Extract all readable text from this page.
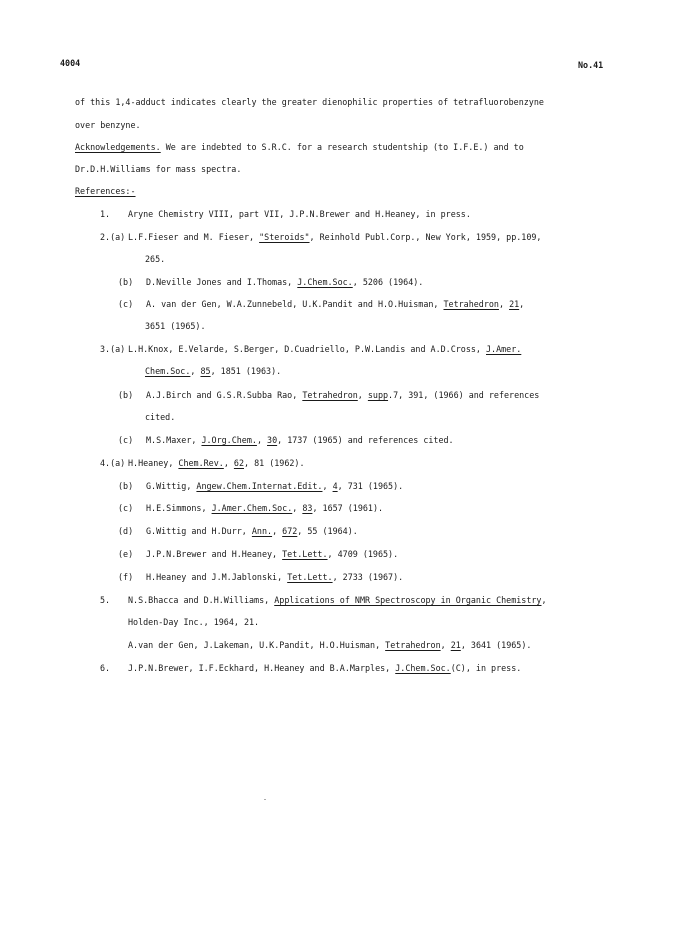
4004	No.41
of this 1,4-adduct indicates clearly the greater dienophilic properties of tetrafluorobenzyne
over benzyne.
Acknowledgements. We are indebted to S.R.C. for a research studentship (to I.F.E.) and to
Dr.D.H.Williams for mass spectra.
References:-
1. Aryne Chemistry VIII, part VII, J.P.N.Brewer and H.Heaney, in press.
2.(a) L.F.Fieser and M. Fieser, "Steroids", Reinhold Publ.Corp., New York, 1959, pp.109,
265.
(b) D.Neville Jones and I.Thomas, J.Chem.Soc., 5206 (1964).
(c) A. van der Gen, W.A.Zunnebeld, U.K.Pandit and H.O.Huisman, Tetrahedron, 21,
3651 (1965).
3.(a) L.H.Knox, E.Velarde, S.Berger, D.Cuadriello, P.W.Landis and A.D.Cross, J.Amer.
Chem.Soc., 85, 1851 (1963).
(b) A.J.Birch and G.S.R.Subba Rao, Tetrahedron, supp.7, 391, (1966) and references
cited.
(c) M.S.Maxer, J.Org.Chem., 30, 1737 (1965) and references cited.
4.(a) H.Heaney, Chem.Rev., 62, 81 (1962).
(b) G.Wittig, Angew.Chem.Internat.Edit., 4, 731 (1965).
(c) H.E.Simmons, J.Amer.Chem.Soc., 83, 1657 (1961).
(d) G.Wittig and H.Durr, Ann., 672, 55 (1964).
(e) J.P.N.Brewer and H.Heaney, Tet.Lett., 4709 (1965).
(f) H.Heaney and J.M.Jablonski, Tet.Lett., 2733 (1967).
5. N.S.Bhacca and D.H.Williams, Applications of NMR Spectroscopy in Organic Chemistry,
Holden-Day Inc., 1964, 21.
A.van der Gen, J.Lakeman, U.K.Pandit, H.O.Huisman, Tetrahedron, 21, 3641 (1965).
6. J.P.N.Brewer, I.F.Eckhard, H.Heaney and B.A.Marples, J.Chem.Soc.(C), in press.
